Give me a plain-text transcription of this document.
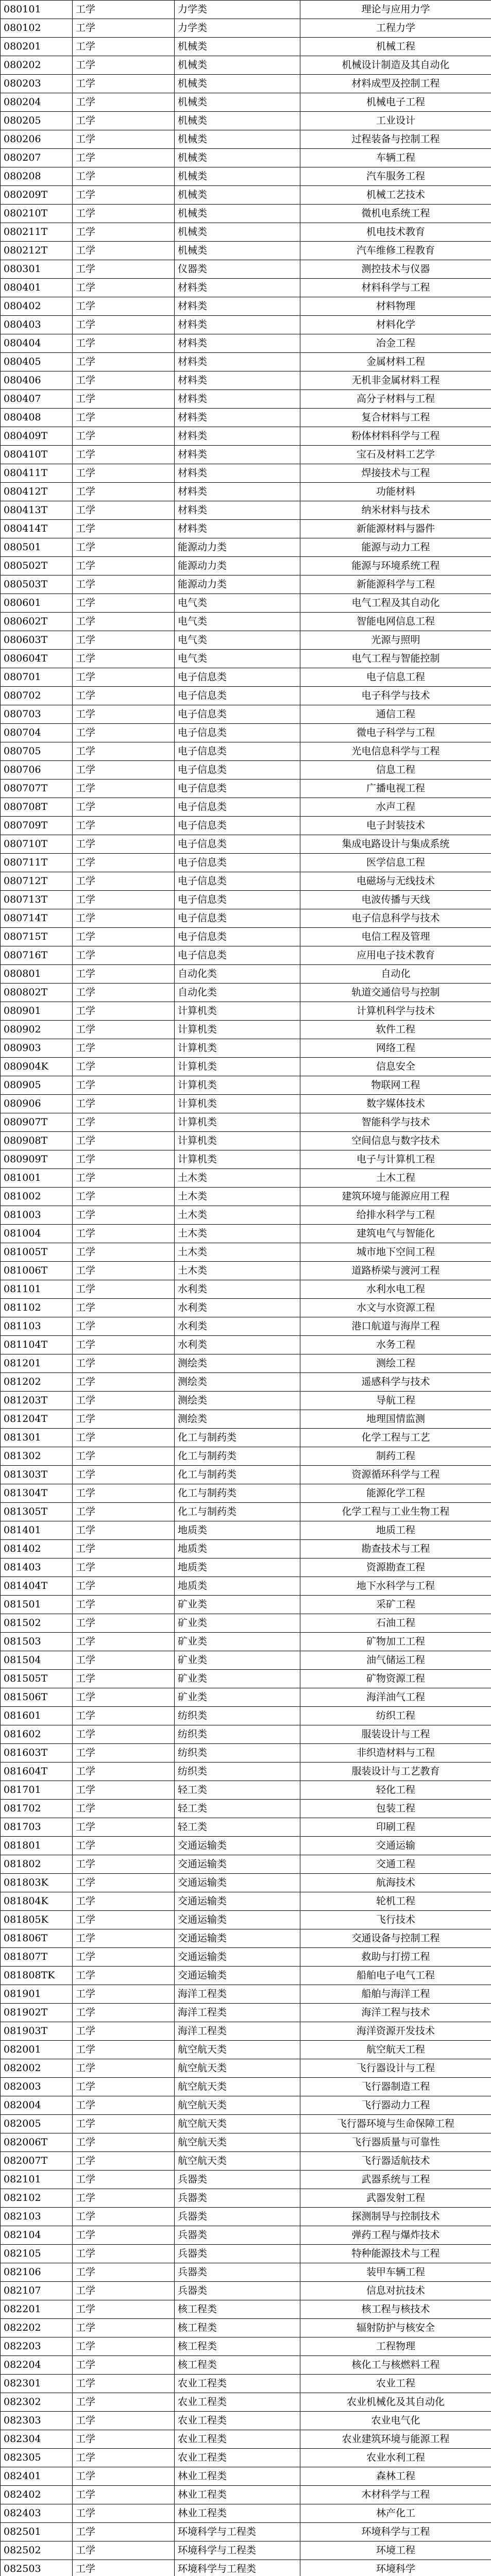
080101	工学	力学类	理论与应用力学
080102	工学	力学类	工程力学
080201	工学	机械类	机械工程
080202	工学	机械类	机械设计制造及其自动化
080203	工学	机械类	材料成型及控制工程
080204	工学	机械类	机械电子工程
080205	工学	机械类	工业设计
080206	工学	机械类	过程装备与控制工程
080207	工学	机械类	车辆工程
080208	工学	机械类	汽车服务工程
080209T	工学	机械类	机械工艺技术
080210T	工学	机械类	微机电系统工程
080211T	工学	机械类	机电技术教育
080212T	工学	机械类	汽车维修工程教育
080301	工学	仪器类	测控技术与仪器
080401	工学	材料类	材料科学与工程
080402	工学	材料类	材料物理
080403	工学	材料类	材料化学
080404	工学	材料类	冶金工程
080405	工学	材料类	金属材料工程
080406	工学	材料类	无机非金属材料工程
080407	工学	材料类	高分子材料与工程
080408	工学	材料类	复合材料与工程
080409T	工学	材料类	粉体材料科学与工程
080410T	工学	材料类	宝石及材料工艺学
080411T	工学	材料类	焊接技术与工程
080412T	工学	材料类	功能材料
080413T	工学	材料类	纳米材料与技术
080414T	工学	材料类	新能源材料与器件
080501	工学	能源动力类	能源与动力工程
080502T	工学	能源动力类	能源与环境系统工程
080503T	工学	能源动力类	新能源科学与工程
080601	工学	电气类	电气工程及其自动化
080602T	工学	电气类	智能电网信息工程
080603T	工学	电气类	光源与照明
080604T	工学	电气类	电气工程与智能控制
080701	工学	电子信息类	电子信息工程
080702	工学	电子信息类	电子科学与技术
080703	工学	电子信息类	通信工程
080704	工学	电子信息类	微电子科学与工程
080705	工学	电子信息类	光电信息科学与工程
080706	工学	电子信息类	信息工程
080707T	工学	电子信息类	广播电视工程
080708T	工学	电子信息类	水声工程
080709T	工学	电子信息类	电子封装技术
080710T	工学	电子信息类	集成电路设计与集成系统
080711T	工学	电子信息类	医学信息工程
080712T	工学	电子信息类	电磁场与无线技术
080713T	工学	电子信息类	电波传播与天线
080714T	工学	电子信息类	电子信息科学与技术
080715T	工学	电子信息类	电信工程及管理
080716T	工学	电子信息类	应用电子技术教育
080801	工学	自动化类	自动化
080802T	工学	自动化类	轨道交通信号与控制
080901	工学	计算机类	计算机科学与技术
080902	工学	计算机类	软件工程
080903	工学	计算机类	网络工程
080904K	工学	计算机类	信息安全
080905	工学	计算机类	物联网工程
080906	工学	计算机类	数字媒体技术
080907T	工学	计算机类	智能科学与技术
080908T	工学	计算机类	空间信息与数字技术
080909T	工学	计算机类	电子与计算机工程
081001	工学	土木类	土木工程
081002	工学	土木类	建筑环境与能源应用工程
081003	工学	土木类	给排水科学与工程
081004	工学	土木类	建筑电气与智能化
081005T	工学	土木类	城市地下空间工程
081006T	工学	土木类	道路桥梁与渡河工程
081101	工学	水利类	水利水电工程
081102	工学	水利类	水文与水资源工程
081103	工学	水利类	港口航道与海岸工程
081104T	工学	水利类	水务工程
081201	工学	测绘类	测绘工程
081202	工学	测绘类	遥感科学与技术
081203T	工学	测绘类	导航工程
081204T	工学	测绘类	地理国情监测
081301	工学	化工与制药类	化学工程与工艺
081302	工学	化工与制药类	制药工程
081303T	工学	化工与制药类	资源循环科学与工程
081304T	工学	化工与制药类	能源化学工程
081305T	工学	化工与制药类	化学工程与工业生物工程
081401	工学	地质类	地质工程
081402	工学	地质类	勘查技术与工程
081403	工学	地质类	资源勘查工程
081404T	工学	地质类	地下水科学与工程
081501	工学	矿业类	采矿工程
081502	工学	矿业类	石油工程
081503	工学	矿业类	矿物加工工程
081504	工学	矿业类	油气储运工程
081505T	工学	矿业类	矿物资源工程
081506T	工学	矿业类	海洋油气工程
081601	工学	纺织类	纺织工程
081602	工学	纺织类	服装设计与工程
081603T	工学	纺织类	非织造材料与工程
081604T	工学	纺织类	服装设计与工艺教育
081701	工学	轻工类	轻化工程
081702	工学	轻工类	包装工程
081703	工学	轻工类	印刷工程
081801	工学	交通运输类	交通运输
081802	工学	交通运输类	交通工程
081803K	工学	交通运输类	航海技术
081804K	工学	交通运输类	轮机工程
081805K	工学	交通运输类	飞行技术
081806T	工学	交通运输类	交通设备与控制工程
081807T	工学	交通运输类	救助与打捞工程
081808TK	工学	交通运输类	船舶电子电气工程
081901	工学	海洋工程类	船舶与海洋工程
081902T	工学	海洋工程类	海洋工程与技术
081903T	工学	海洋工程类	海洋资源开发技术
082001	工学	航空航天类	航空航天工程
082002	工学	航空航天类	飞行器设计与工程
082003	工学	航空航天类	飞行器制造工程
082004	工学	航空航天类	飞行器动力工程
082005	工学	航空航天类	飞行器环境与生命保障工程
082006T	工学	航空航天类	飞行器质量与可靠性
082007T	工学	航空航天类	飞行器适航技术
082101	工学	兵器类	武器系统与工程
082102	工学	兵器类	武器发射工程
082103	工学	兵器类	探测制导与控制技术
082104	工学	兵器类	弹药工程与爆炸技术
082105	工学	兵器类	特种能源技术与工程
082106	工学	兵器类	装甲车辆工程
082107	工学	兵器类	信息对抗技术
082201	工学	核工程类	核工程与核技术
082202	工学	核工程类	辐射防护与核安全
082203	工学	核工程类	工程物理
082204	工学	核工程类	核化工与核燃料工程
082301	工学	农业工程类	农业工程
082302	工学	农业工程类	农业机械化及其自动化
082303	工学	农业工程类	农业电气化
082304	工学	农业工程类	农业建筑环境与能源工程
082305	工学	农业工程类	农业水利工程
082401	工学	林业工程类	森林工程
082402	工学	林业工程类	木材科学与工程
082403	工学	林业工程类	林产化工
082501	工学	环境科学与工程类	环境科学与工程
082502	工学	环境科学与工程类	环境工程
082503	工学	环境科学与工程类	环境科学
